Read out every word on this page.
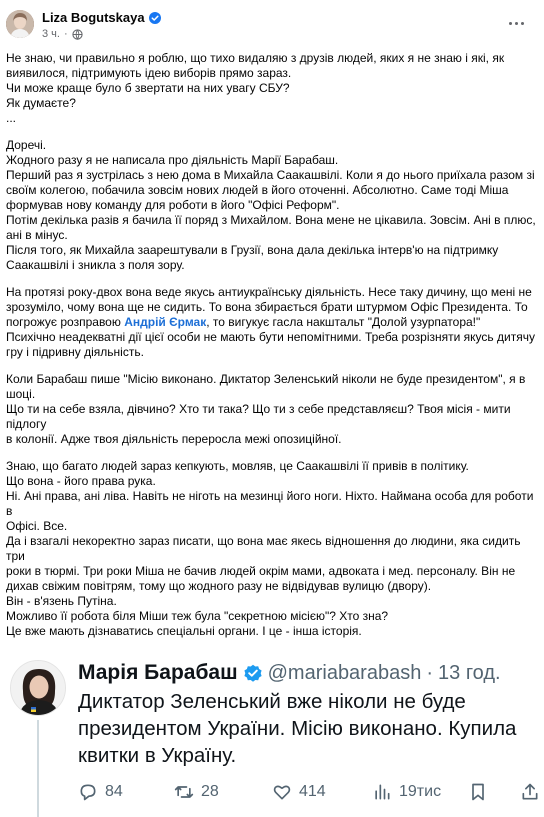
Liza Bogutskaya
3 ч. ·
Не знаю, чи правильно я роблю, що тихо видаляю з друзів людей, яких я не знаю і які, як
виявилося, підтримують ідею виборів прямо зараз.
Чи може краще було б звертати на них увагу СБУ?
Як думаєте?
...
Доречі.
Жодного разу я не написала про діяльність Марії Барабаш.
Перший раз я зустрілась з нею дома в Михайла Саакашвілі. Коли я до нього приїхала разом зі
своїм колегою, побачила зовсім нових людей в його оточенні. Абсолютно. Саме тоді Міша
формував нову команду для роботи в його "Офісі Реформ".
Потім декілька разів я бачила її поряд з Михайлом. Вона мене не цікавила. Зовсім. Ані в плюс,
ані в мінус.
Після того, як Михайла заарештували в Грузії, вона дала декілька інтерв'ю на підтримку
Саакашвілі і зникла з поля зору.
На протязі року-двох вона веде якусь антиукраїнську діяльність. Несе таку дичину, що мені не
зрозуміло, чому вона ще не сидить. То вона збирається брати штурмом Офіс Президента. То
погрожує розправою Андрій Єрмак, то вигукує гасла накштальт "Долой узурпатора!"
Психічно неадекватні дії цієї особи не мають бути непомітними. Треба розрізняти якусь дитячу
гру і підривну діяльність.
Коли Барабаш пише "Місію виконано. Диктатор Зеленський ніколи не буде президентом", я в
шоці.
Що ти на себе взяла, дівчино? Хто ти така? Що ти з себе представляєш? Твоя місія - мити підлогу
в колонії. Адже твоя діяльність переросла межі опозиційної.
Знаю, що багато людей зараз кепкують, мовляв, це Саакашвілі її привів в політику.
Що вона - його права рука.
Ні. Ані права, ані ліва. Навіть не ніготь на мезинці його ноги. Ніхто. Наймана особа для роботи в
Офісі. Все.
Да і взагалі некоректно зараз писати, що вона має якесь відношення до людини, яка сидить три
роки в тюрмі. Три роки Міша не бачив людей окрім мами, адвоката і мед. персоналу. Він не
дихав свіжим повітрям, тому що жодного разу не відвідував вулицю (двору).
Він - в'язень Путіна.
Можливо її робота біля Міши теж була "секретною місією"? Хто зна?
Це вже мають дізнаватись спеціальні органи. І це - інша історія.
Марія Барабаш @mariabarabash · 13 год.
Диктатор Зеленський вже ніколи не буде президентом України. Місію виконано. Купила квитки в Україну.
84	28	414	19тис
